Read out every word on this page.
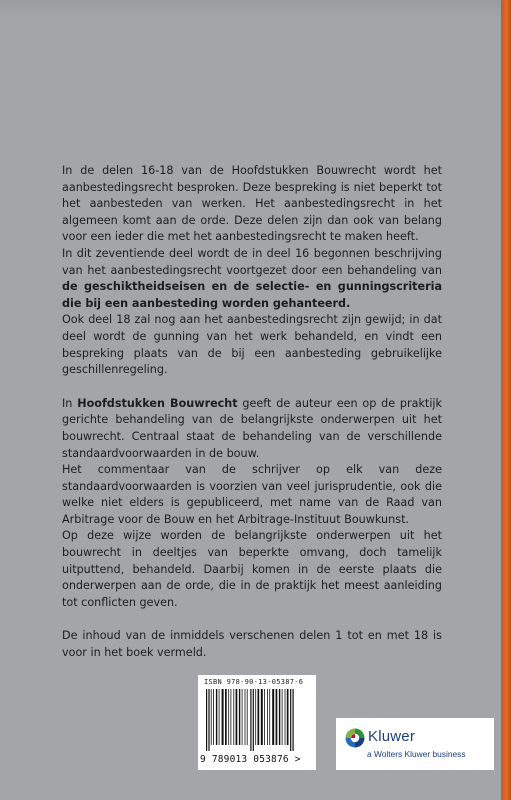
In de delen 16-18 van de Hoofdstukken Bouwrecht wordt het aanbestedingsrecht besproken. Deze bespreking is niet beperkt tot het aanbesteden van werken. Het aanbestedingsrecht in het algemeen komt aan de orde. Deze delen zijn dan ook van belang voor een ieder die met het aanbestedingsrecht te maken heeft.

In dit zeventiende deel wordt de in deel 16 begonnen beschrijving van het aanbestedingsrecht voortgezet door een behandeling van de geschiktheidseisen en de selectie- en gunningscriteria die bij een aanbesteding worden gehanteerd.

Ook deel 18 zal nog aan het aanbestedingsrecht zijn gewijd; in dat deel wordt de gunning van het werk behandeld, en vindt een bespreking plaats van de bij een aanbesteding gebruikelijke geschillenregeling.

In Hoofdstukken Bouwrecht geeft de auteur een op de praktijk gerichte behandeling van de belangrijkste onderwerpen uit het bouwrecht. Centraal staat de behandeling van de verschillende standaardvoorwaarden in de bouw.

Het commentaar van de schrijver op elk van deze standaardvoorwaarden is voorzien van veel jurisprudentie, ook die welke niet elders is gepubliceerd, met name van de Raad van Arbitrage voor de Bouw en het Arbitrage-Instituut Bouwkunst.

Op deze wijze worden de belangrijkste onderwerpen uit het bouwrecht in deeltjes van beperkte omvang, doch tamelijk uitputtend, behandeld. Daarbij komen in de eerste plaats die onderwerpen aan de orde, die in de praktijk het meest aanleiding tot conflicten geven.

De inhoud van de inmiddels verschenen delen 1 tot en met 18 is voor in het boek vermeld.

ISBN 978-90-13-05387-6
9 789013 053876 >
Kluwer
a Wolters Kluwer business
